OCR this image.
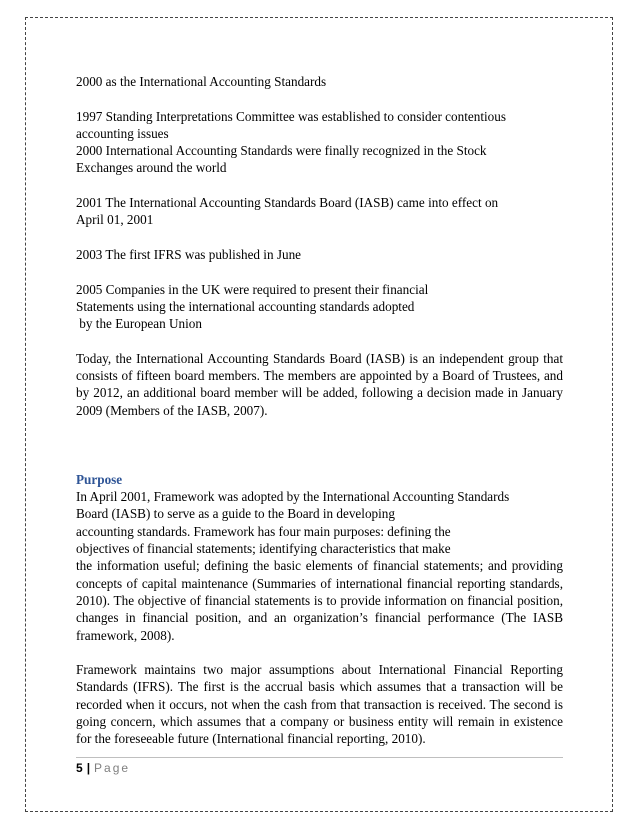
2000 as the International Accounting Standards

1997 Standing Interpretations Committee was established to consider contentious

accounting issues

2000 International Accounting Standards were finally recognized in the Stock

Exchanges around the world

2001 The International Accounting Standards Board (IASB) came into effect on

April 01, 2001

2003 The first IFRS was published in June

2005 Companies in the UK were required to present their financial

Statements using the international accounting standards adopted

by the European Union

Today, the International Accounting Standards Board (IASB) is an independent group that consists of fifteen board members. The members are appointed by a Board of Trustees, and by 2012, an additional board member will be added, following a decision made in January 2009 (Members of the IASB, 2007).

Purpose

In April 2001, Framework was adopted by the International Accounting Standards

Board (IASB) to serve as a guide to the Board in developing

accounting standards. Framework has four main purposes: defining the

objectives of financial statements; identifying characteristics that make

the information useful; defining the basic elements of financial statements; and providing concepts of capital maintenance (Summaries of international financial reporting standards, 2010). The objective of financial statements is to provide information on financial position, changes in financial position, and an organization’s financial performance (The IASB framework, 2008).

Framework maintains two major assumptions about International Financial Reporting Standards (IFRS). The first is the accrual basis which assumes that a transaction will be recorded when it occurs, not when the cash from that transaction is received. The second is going concern, which assumes that a company or business entity will remain in existence for the foreseeable future (International financial reporting, 2010).

5 | Page
